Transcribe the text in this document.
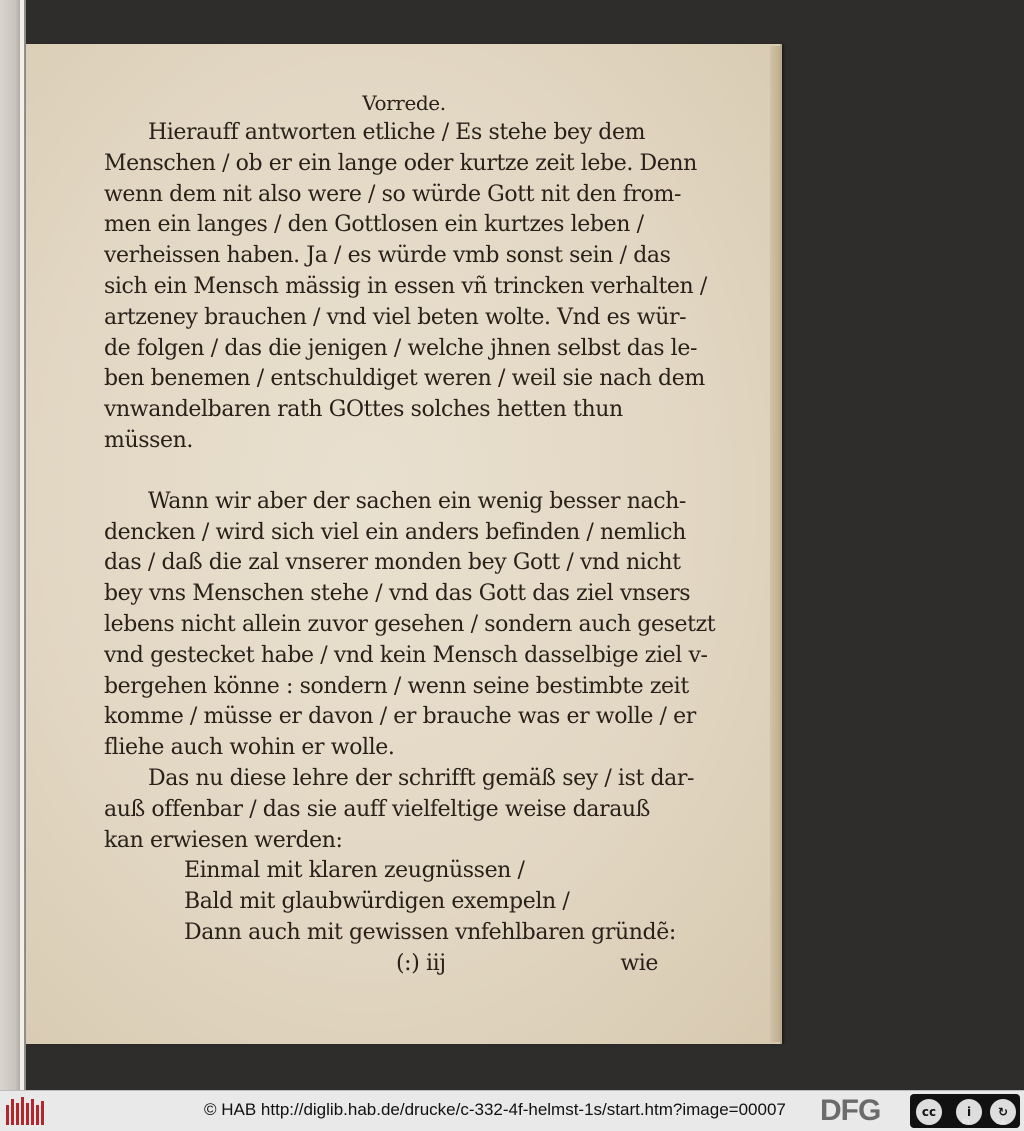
Vorrede.
Hierauff antworten etliche / Es stehe bey dem
Menschen / ob er ein lange oder kurtze zeit lebe. Denn
wenn dem nit also were / so würde Gott nit den from-
men ein langes / den Gottlosen ein kurtzes leben /
verheissen haben. Ja / es würde vmb sonst sein / das
sich ein Mensch mässig in essen vñ trincken verhalten /
artzeney brauchen / vnd viel beten wolte. Vnd es wür-
de folgen / das die jenigen / welche jhnen selbst das le-
ben benemen / entschuldiget weren / weil sie nach dem
vnwandelbaren rath GOttes solches hetten thun
müssen.
Wann wir aber der sachen ein wenig besser nach-
dencken / wird sich viel ein anders befinden / nemlich
das / daß die zal vnserer monden bey Gott / vnd nicht
bey vns Menschen stehe / vnd das Gott das ziel vnsers
lebens nicht allein zuvor gesehen / sondern auch gesetzt
vnd gestecket habe / vnd kein Mensch dasselbige ziel v-
bergehen könne : sondern / wenn seine bestimbte zeit
komme / müsse er davon / er brauche was er wolle / er
fliehe auch wohin er wolle.
Das nu diese lehre der schrifft gemäß sey / ist dar-
auß offenbar / das sie auff vielfeltige weise darauß
kan erwiesen werden:
Einmal mit klaren zeugnüssen /
Bald mit glaubwürdigen exempeln /
Dann auch mit gewissen vnfehlbaren gründẽ:
(:) iij	wie
© HAB http://diglib.hab.de/drucke/c-332-4f-helmst-1s/start.htm?image=00007 DFG	cc	i	↻
BY	SA
